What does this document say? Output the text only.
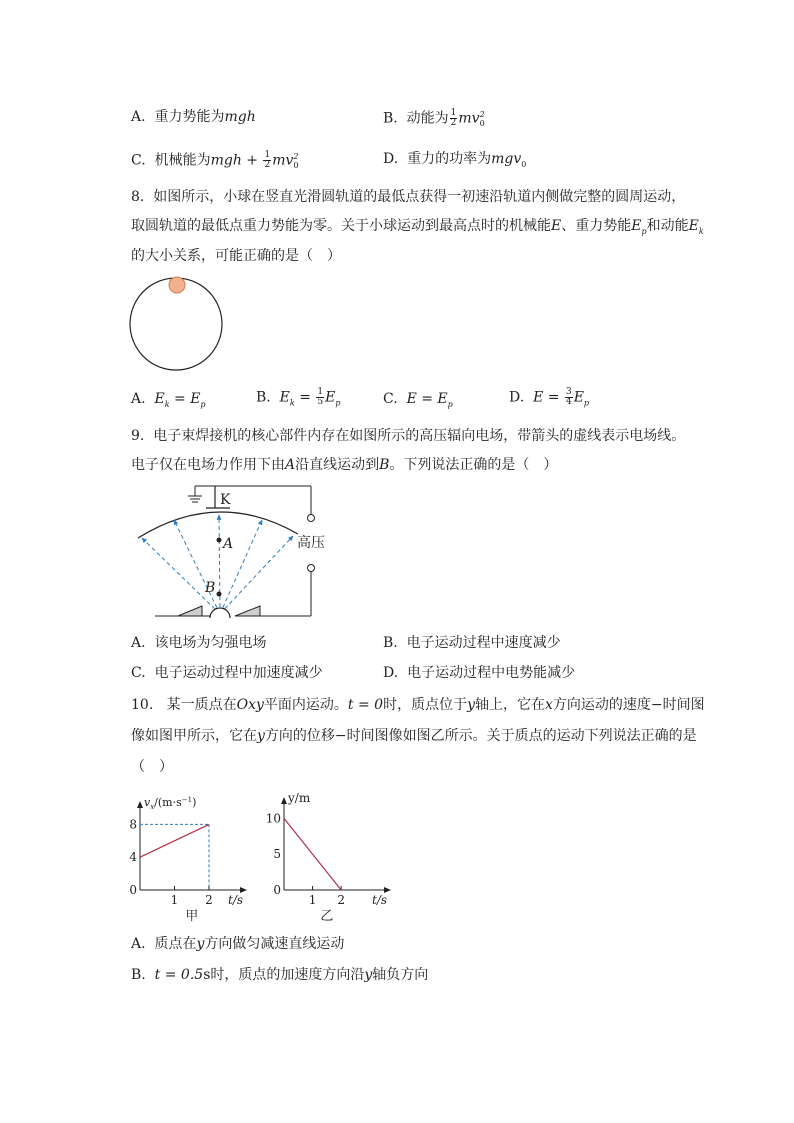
A. 重力势能为mgh	B. 动能为 $\frac{1}{2} mv^2_0$
C. 机械能为mgh + $\frac{1}{2} mv^2_0$	D. 重力的功率为mgv$_0$
8. 如图所示，小球在竖直光滑圆轨道的最低点获得一初速沿轨道内侧做完整的圆周运动，
取圆轨道的最低点重力势能为零。关于小球运动到最高点时的机械能E、重力势能$E_p$和动能$E_k$
的大小关系，可能正确的是（　）
A. $E_k = E_p$	B. $E_k = \frac{1}{5} E_p$	C. $E = E_p$	D. $E = \frac{3}{4} E_p$
9. 电子束焊接机的核心部件内存在如图所示的高压辐向电场，带箭头的虚线表示电场线。
电子仅在电场力作用下由A沿直线运动到B。下列说法正确的是（　）
K
高压
A
B
A. 该电场为匀强电场	B. 电子运动过程中速度减少
C. 电子运动过程中加速度减少	D. 电子运动过程中电势能减少
10. 某一质点在Oxy平面内运动。t = 0时，质点位于y轴上，它在x方向运动的速度−时间图
像如图甲所示，它在y方向的位移−时间图像如图乙所示。关于质点的运动下列说法正确的是
（　）
1 2
4
8
0
t/s
$v_x/(m\cdot s^{-1})$
甲
1 2
5
10
0
t/s
y/m
乙
A. 质点在y方向做匀减速直线运动
B. t = 0.5s时，质点的加速度方向沿y轴负方向
